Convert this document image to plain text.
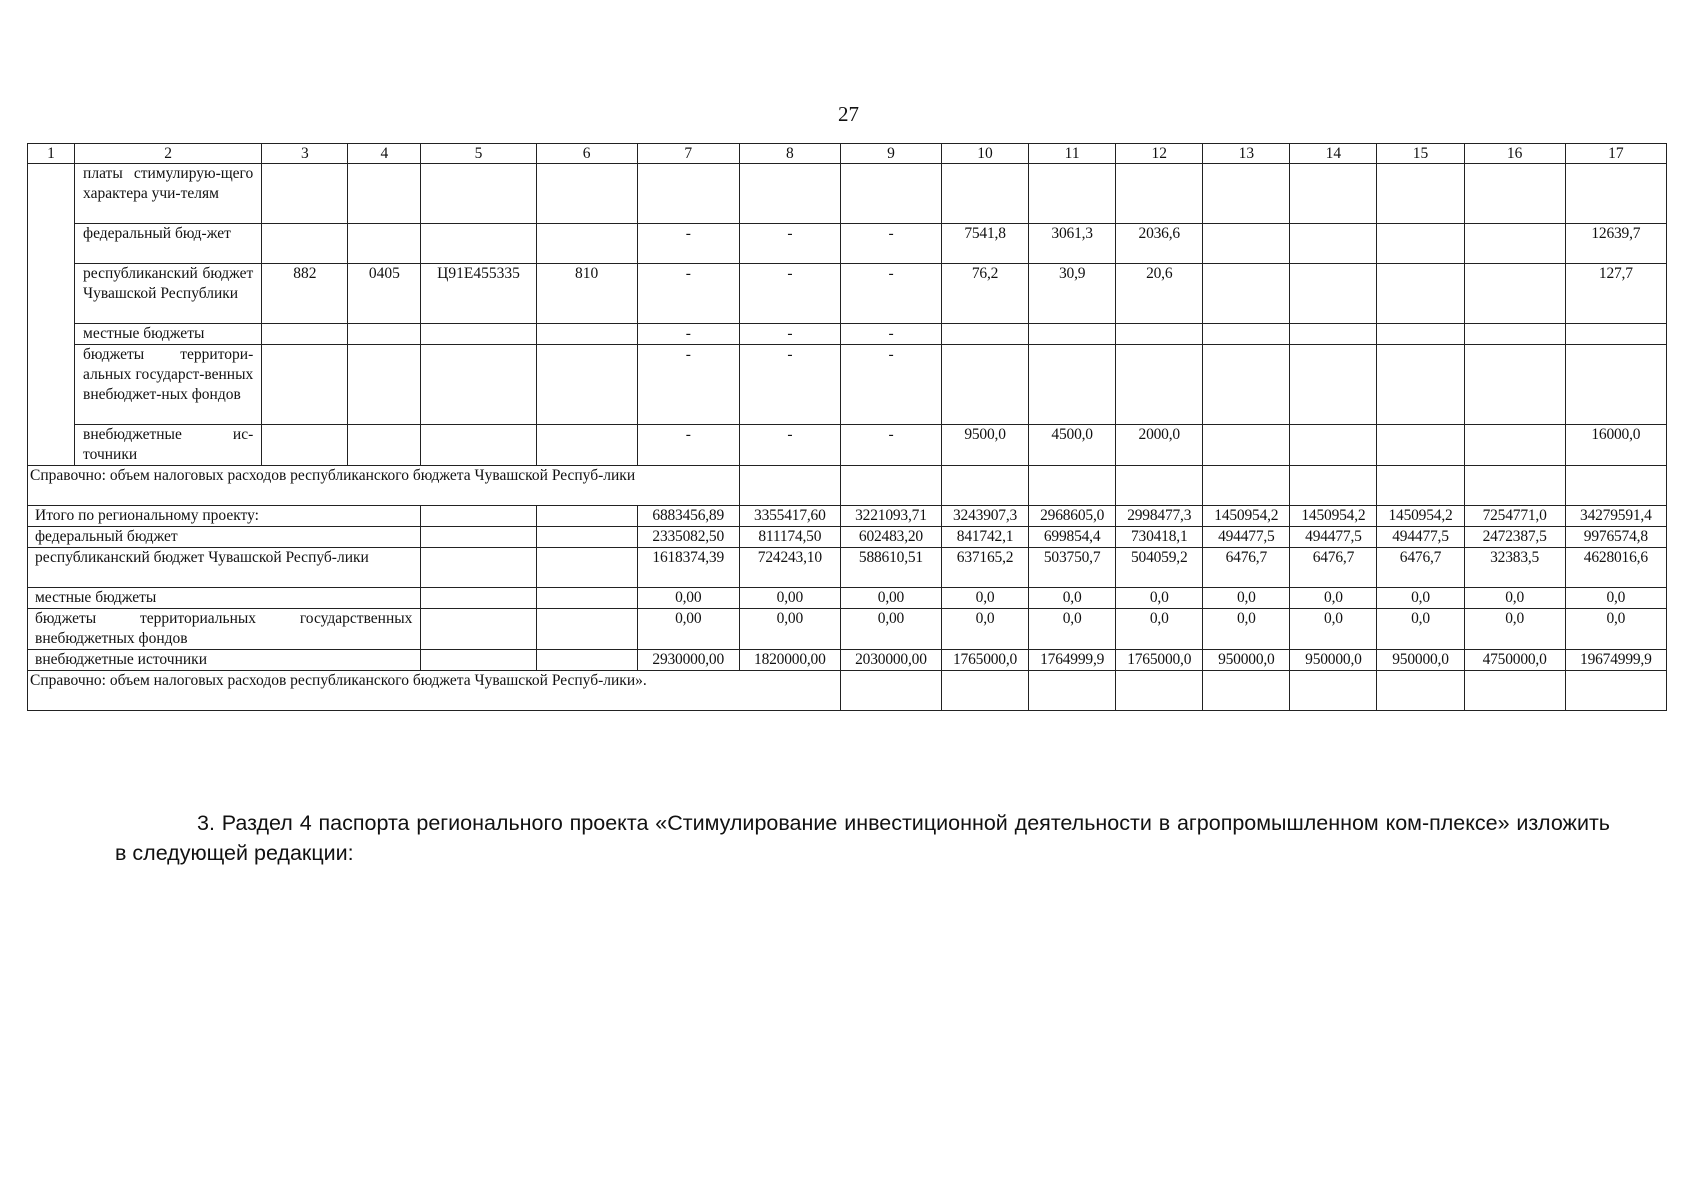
27
1	2	3	4	5	6	7	8	9	10	11	12	13	14	15	16	17
	платы стимулирую-щего характера учи-телям															
	федеральный бюд-жет					-	-	-	7541,8	3061,3	2036,6					12639,7
	республиканский бюджет Чувашской Республики	882	0405	Ц91Е455335	810	-	-	-	76,2	30,9	20,6					127,7
	местные бюджеты					-	-	-								
	бюджеты территори-альных государст-венных внебюджет-ных фондов					-	-	-								
	внебюджетные ис-точники					-	-	-	9500,0	4500,0	2000,0					16000,0
Справочно: объем налоговых расходов республиканского бюджета Чувашской Респуб-лики																
Итого по региональному проекту:						6883456,89	3355417,60	3221093,71	3243907,3	2968605,0	2998477,3	1450954,2	1450954,2	1450954,2	7254771,0	34279591,4
федеральный бюджет						2335082,50	811174,50	602483,20	841742,1	699854,4	730418,1	494477,5	494477,5	494477,5	2472387,5	9976574,8
республиканский бюджет Чувашской Респуб-лики						1618374,39	724243,10	588610,51	637165,2	503750,7	504059,2	6476,7	6476,7	6476,7	32383,5	4628016,6
местные бюджеты						0,00	0,00	0,00	0,0	0,0	0,0	0,0	0,0	0,0	0,0	0,0
бюджеты территориальных государственных внебюджетных фондов						0,00	0,00	0,00	0,0	0,0	0,0	0,0	0,0	0,0	0,0	0,0
внебюджетные источники						2930000,00	1820000,00	2030000,00	1765000,0	1764999,9	1765000,0	950000,0	950000,0	950000,0	4750000,0	19674999,9
Справочно: объем налоговых расходов республиканского бюджета Чувашской Респуб-лики».																
3. Раздел 4 паспорта регионального проекта «Стимулирование инвестиционной деятельности в агропромышленном ком-плексе» изложить в следующей редакции:
